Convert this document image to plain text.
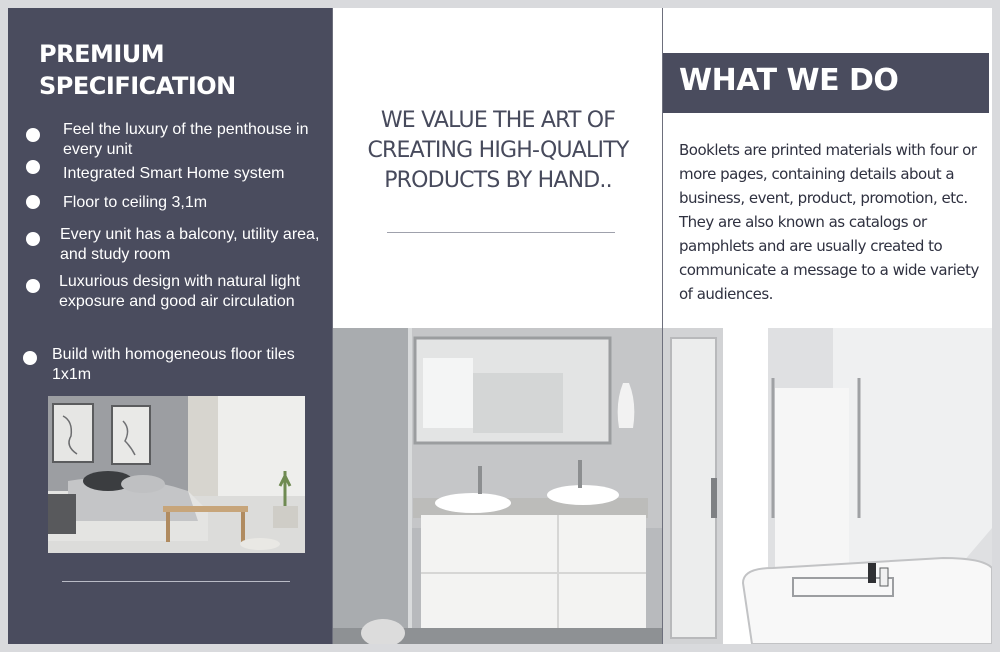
PREMIUM
SPECIFICATION
Feel the luxury of the penthouse in every unit
Integrated Smart Home system
Floor to ceiling 3,1m
Every unit has a balcony, utility area, and study room
Luxurious design with natural light exposure and good air circulation
Build with homogeneous floor tiles 1x1m
WE VALUE THE ART OF CREATING HIGH-QUALITY PRODUCTS BY HAND..
WHAT WE DO

Booklets are printed materials with four or more pages, containing details about a business, event, product, promotion, etc. They are also known as catalogs or pamphlets and are usually created to communicate a message to a wide variety of audiences.
